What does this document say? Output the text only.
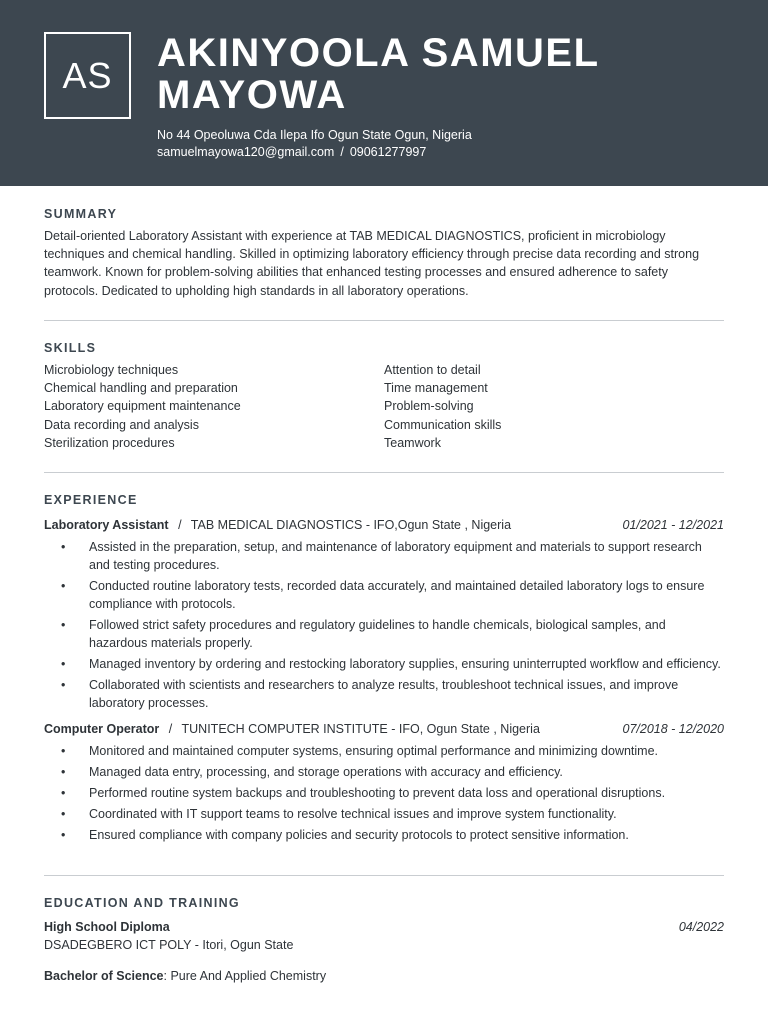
AS	AKINYOOLA SAMUEL
MAYOWA
No 44 Opeoluwa Cda Ilepa Ifo Ogun State Ogun, Nigeria
samuelmayowa120@gmail.com / 09061277997
SUMMARY
Detail-oriented Laboratory Assistant with experience at TAB MEDICAL DIAGNOSTICS, proficient in microbiology techniques and chemical handling. Skilled in optimizing laboratory efficiency through precise data recording and strong teamwork. Known for problem-solving abilities that enhanced testing processes and ensured adherence to safety protocols. Dedicated to upholding high standards in all laboratory operations.
SKILLS
Microbiology techniques
Chemical handling and preparation
Laboratory equipment maintenance
Data recording and analysis
Sterilization procedures
Attention to detail
Time management
Problem-solving
Communication skills
Teamwork
EXPERIENCE
Laboratory Assistant / TAB MEDICAL DIAGNOSTICS - IFO,Ogun State , Nigeria	01/2021 - 12/2021
• Assisted in the preparation, setup, and maintenance of laboratory equipment and materials to support research and testing procedures.
• Conducted routine laboratory tests, recorded data accurately, and maintained detailed laboratory logs to ensure compliance with protocols.
• Followed strict safety procedures and regulatory guidelines to handle chemicals, biological samples, and hazardous materials properly.
• Managed inventory by ordering and restocking laboratory supplies, ensuring uninterrupted workflow and efficiency.
• Collaborated with scientists and researchers to analyze results, troubleshoot technical issues, and improve laboratory processes.
Computer Operator / TUNITECH COMPUTER INSTITUTE - IFO, Ogun State , Nigeria	07/2018 - 12/2020
• Monitored and maintained computer systems, ensuring optimal performance and minimizing downtime.
• Managed data entry, processing, and storage operations with accuracy and efficiency.
• Performed routine system backups and troubleshooting to prevent data loss and operational disruptions.
• Coordinated with IT support teams to resolve technical issues and improve system functionality.
• Ensured compliance with company policies and security protocols to protect sensitive information.
EDUCATION AND TRAINING
High School Diploma	04/2022
DSADEGBERO ICT POLY - Itori, Ogun State
Bachelor of Science : Pure And Applied Chemistry
